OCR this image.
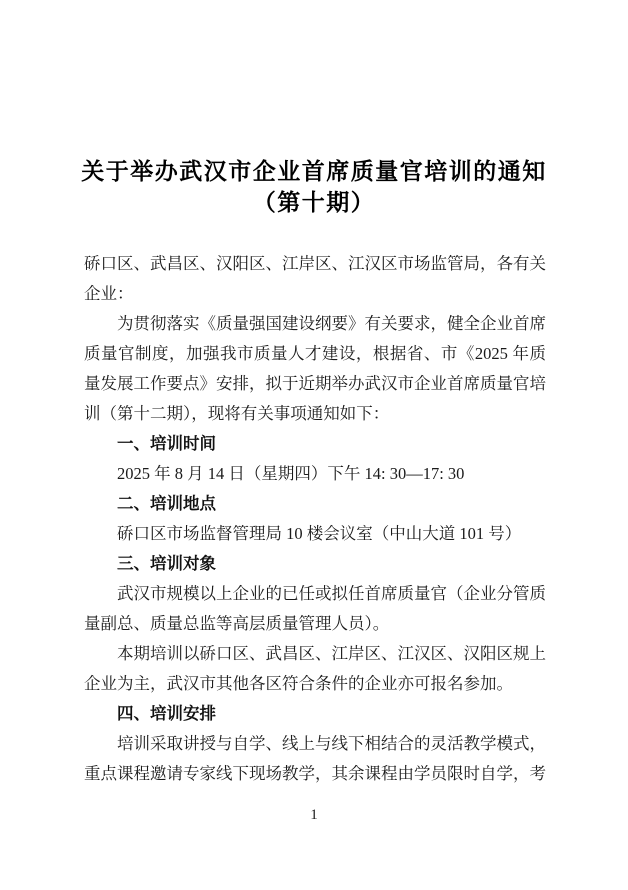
关于举办武汉市企业首席质量官培训的通知
（第十期）

硚口区、武昌区、汉阳区、江岸区、江汉区市场监管局，各有关企业：

为贯彻落实《质量强国建设纲要》有关要求，健全企业首席质量官制度，加强我市质量人才建设，根据省、市《2025 年质量发展工作要点》安排，拟于近期举办武汉市企业首席质量官培训（第十二期），现将有关事项通知如下：

一、培训时间

2025 年 8 月 14 日（星期四）下午 14: 30—17: 30

二、培训地点

硚口区市场监督管理局 10 楼会议室（中山大道 101 号）

三、培训对象

武汉市规模以上企业的已任或拟任首席质量官（企业分管质量副总、质量总监等高层质量管理人员）。

本期培训以硚口区、武昌区、江岸区、江汉区、汉阳区规上企业为主，武汉市其他各区符合条件的企业亦可报名参加。

四、培训安排

培训采取讲授与自学、线上与线下相结合的灵活教学模式，重点课程邀请专家线下现场教学，其余课程由学员限时自学，考

1
